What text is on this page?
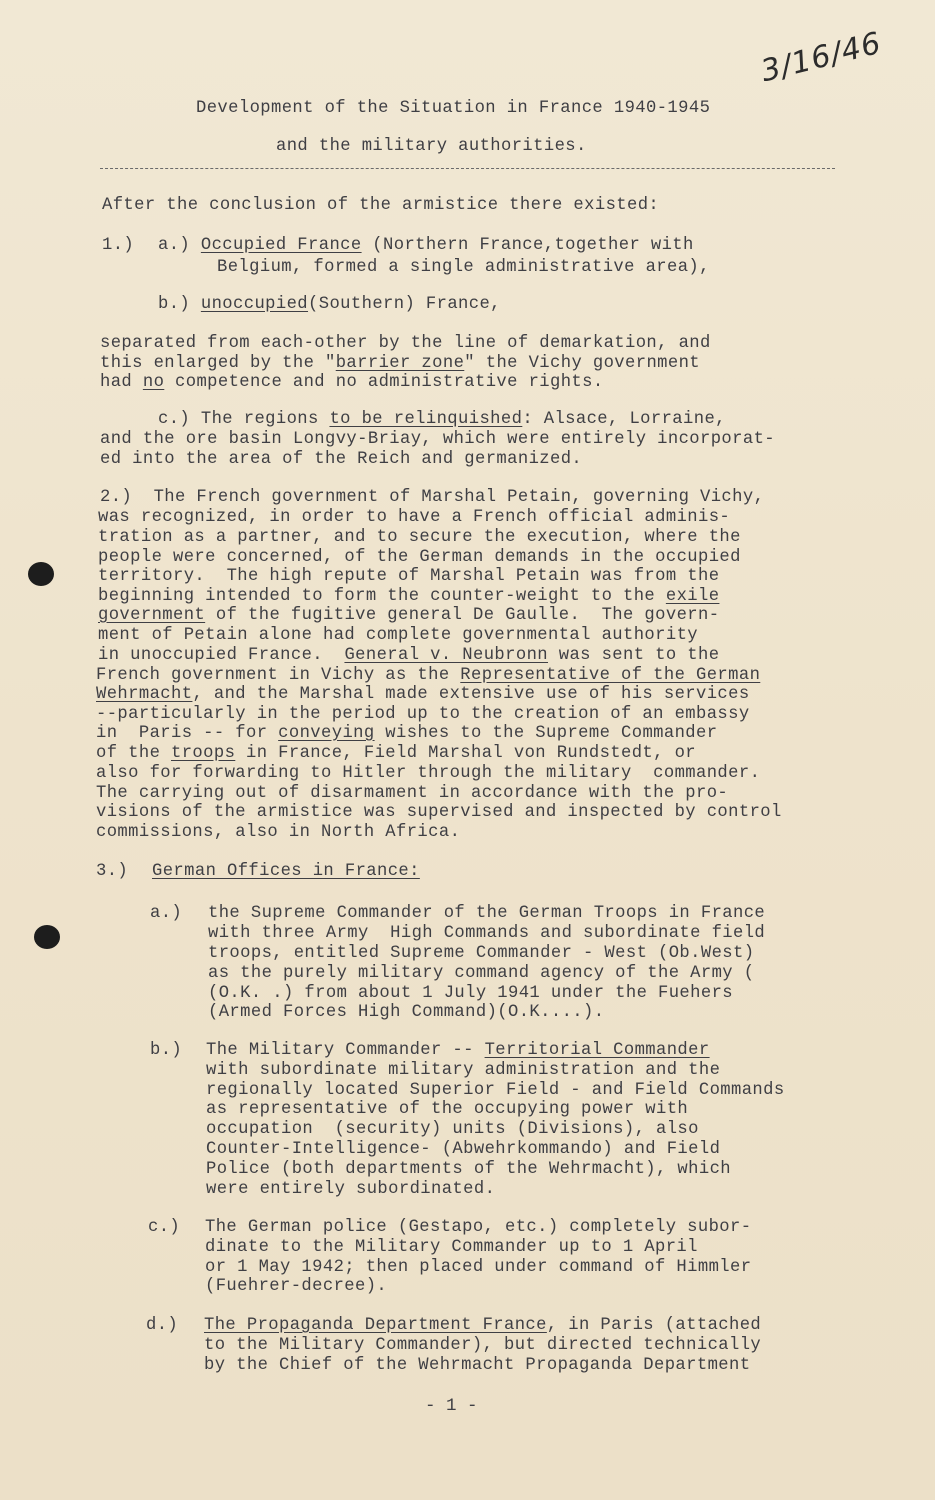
3/16/46
Development of the Situation in France 1940-1945
and the military authorities.
After the conclusion of the armistice there existed:
1.) a.) Occupied France (Northern France,together with
Belgium, formed a single administrative area),
b.) unoccupied(Southern) France,
separated from each-other by the line of demarkation, and
this enlarged by the "barrier zone" the Vichy government
had no competence and no administrative rights.
c.) The regions to be relinquished: Alsace, Lorraine,
and the ore basin Longvy-Briay, which were entirely incorporat-
ed into the area of the Reich and germanized.
2.)  The French government of Marshal Petain, governing Vichy,
was recognized, in order to have a French official adminis-
tration as a partner, and to secure the execution, where the
people were concerned, of the German demands in the occupied
territory.  The high repute of Marshal Petain was from the
beginning intended to form the counter-weight to the exile
government of the fugitive general De Gaulle.  The govern-
ment of Petain alone had complete governmental authority
in unoccupied France.  General v. Neubronn was sent to the
French government in Vichy as the Representative of the German
Wehrmacht, and the Marshal made extensive use of his services
--particularly in the period up to the creation of an embassy
in  Paris -- for conveying wishes to the Supreme Commander
of the troops in France, Field Marshal von Rundstedt, or
also for forwarding to Hitler through the military  commander.
The carrying out of disarmament in accordance with the pro-
visions of the armistice was supervised and inspected by control
commissions, also in North Africa.
3.) German Offices in France:
a.) the Supreme Commander of the German Troops in France
with three Army  High Commands and subordinate field
troops, entitled Supreme Commander - West (Ob.West)
as the purely military command agency of the Army (
(O.K. .) from about 1 July 1941 under the Fuehers
(Armed Forces High Command)(O.K....).
b.) The Military Commander -- Territorial Commander
with subordinate military administration and the
regionally located Superior Field - and Field Commands
as representative of the occupying power with
occupation  (security) units (Divisions), also
Counter-Intelligence- (Abwehrkommando) and Field
Police (both departments of the Wehrmacht), which
were entirely subordinated.
c.) The German police (Gestapo, etc.) completely subor-
dinate to the Military Commander up to 1 April
or 1 May 1942; then placed under command of Himmler
(Fuehrer-decree).
d.) The Propaganda Department France, in Paris (attached
to the Military Commander), but directed technically
by the Chief of the Wehrmacht Propaganda Department
- 1 -
